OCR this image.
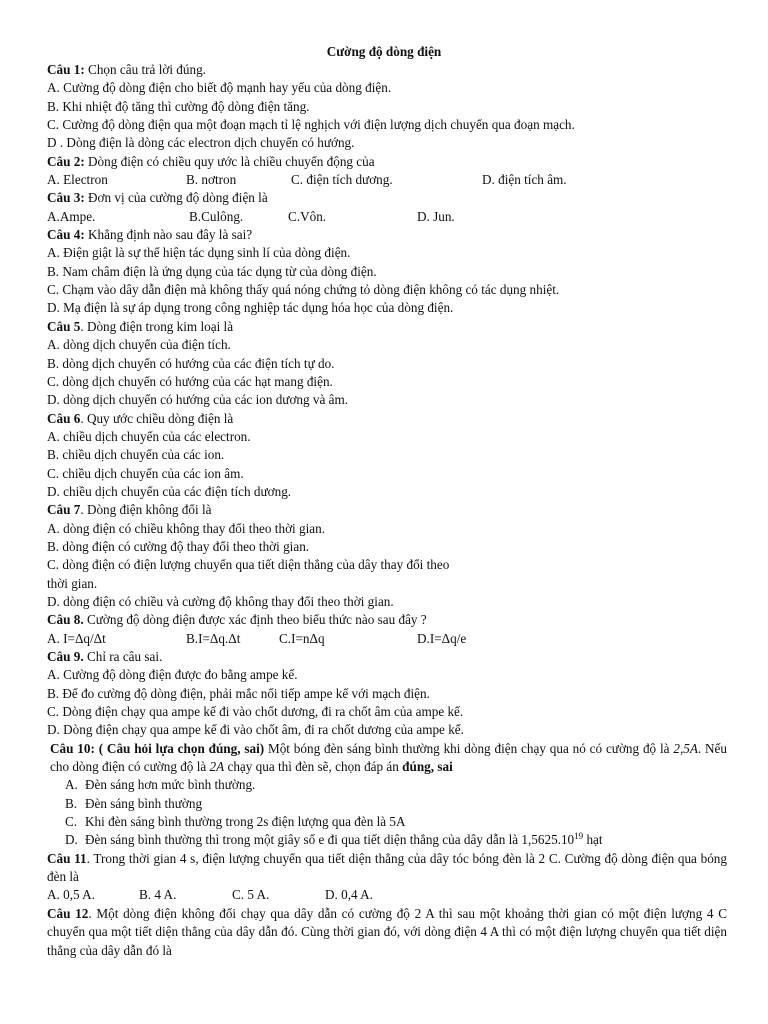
Cường độ dòng điện
Câu 1: Chọn câu trả lời đúng.
A. Cường độ dòng điện cho biết độ mạnh hay yếu của dòng điện.
B. Khi nhiệt độ tăng thì cường độ dòng điện tăng.
C. Cường độ dòng điện qua một đoạn mạch tỉ lệ nghịch với điện lượng dịch chuyển qua đoạn mạch.
D . Dòng điện là dòng các electron dịch chuyển có hướng.
Câu 2: Dòng điện có chiều quy ước là chiều chuyển động của
A. Electron	B. nơtron	C. điện tích dương.	D. điện tích âm.
Câu 3: Đơn vị của cường độ dòng điện là
A.Ampe.	B.Culông.	C.Vôn.	D. Jun.
Câu 4: Khẳng định nào sau đây là sai?
A. Điện giật là sự thể hiện tác dụng sinh lí của dòng điện.
B. Nam châm điện là ứng dụng của tác dụng từ của dòng điện.
C. Chạm vào dây dẫn điện mà không thấy quá nóng chứng tỏ dòng điện không có tác dụng nhiệt.
D. Mạ điện là sự áp dụng trong công nghiệp tác dụng hóa học của dòng điện.
Câu 5. Dòng điện trong kim loại là
A. dòng dịch chuyển của điện tích.
B. dòng dịch chuyển có hướng của các điện tích tự do.
C. dòng dịch chuyển có hướng của các hạt mang điện.
D. dòng dịch chuyển có hướng của các ion dương và âm.
Câu 6. Quy ước chiều dòng điện là
A. chiều dịch chuyển của các electron.
B. chiều dịch chuyển của các ion.
C. chiều dịch chuyển của các ion âm.
D. chiều dịch chuyển của các điện tích dương.
Câu 7. Dòng điện không đổi là
A. dòng điện có chiều không thay đổi theo thời gian.
B. dòng điện có cường độ thay đổi theo thời gian.
C. dòng điện có điện lượng chuyển qua tiết diện thẳng của dây thay đổi theo
thời gian.
D. dòng điện có chiều và cường độ không thay đổi theo thời gian.
Câu 8. Cường độ dòng điện được xác định theo biểu thức nào sau đây ?
A. I=Δq/Δt	B.I=Δq.Δt	C.I=nΔq	D.I=Δq/e
Câu 9. Chỉ ra câu sai.
A. Cường độ dòng điện được đo bằng ampe kế.
B. Để đo cường độ dòng điện, phải mắc nối tiếp ampe kế với mạch điện.
C. Dòng điện chạy qua ampe kế đi vào chốt dương, đi ra chốt âm của ampe kế.
D. Dòng điện chạy qua ampe kế đi vào chốt âm, đi ra chốt dương của ampe kế.
Câu 10: ( Câu hỏi lựa chọn đúng, sai) Một bóng đèn sáng bình thường khi dòng điện chạy qua nó có cường độ là 2,5A. Nếu cho dòng điện có cường độ là 2A chạy qua thì đèn sẽ, chọn đáp án đúng, sai
A. Đèn sáng hơn mức bình thường.
B. Đèn sáng bình thường
C. Khi đèn sáng bình thường trong 2s điện lượng qua đèn là 5A
D. Đèn sáng bình thường thì trong một giây số e đi qua tiết diện thẳng của dây dẫn là 1,5625.10$^{19}$ hạt
Câu 11. Trong thời gian 4 s, điện lượng chuyển qua tiết diện thẳng của dây tóc bóng đèn là 2 C. Cường độ dòng điện qua bóng đèn là
A. 0,5 A.	B. 4 A.	C. 5 A.	D. 0,4 A.
Câu 12. Một dòng điện không đổi chạy qua dây dẫn có cường độ 2 A thì sau một khoảng thời gian có một điện lượng 4 C chuyển qua một tiết diện thẳng của dây dẫn đó. Cùng thời gian đó, với dòng điện 4 A thì có một điện lượng chuyển qua tiết diện thẳng của dây dẫn đó là
